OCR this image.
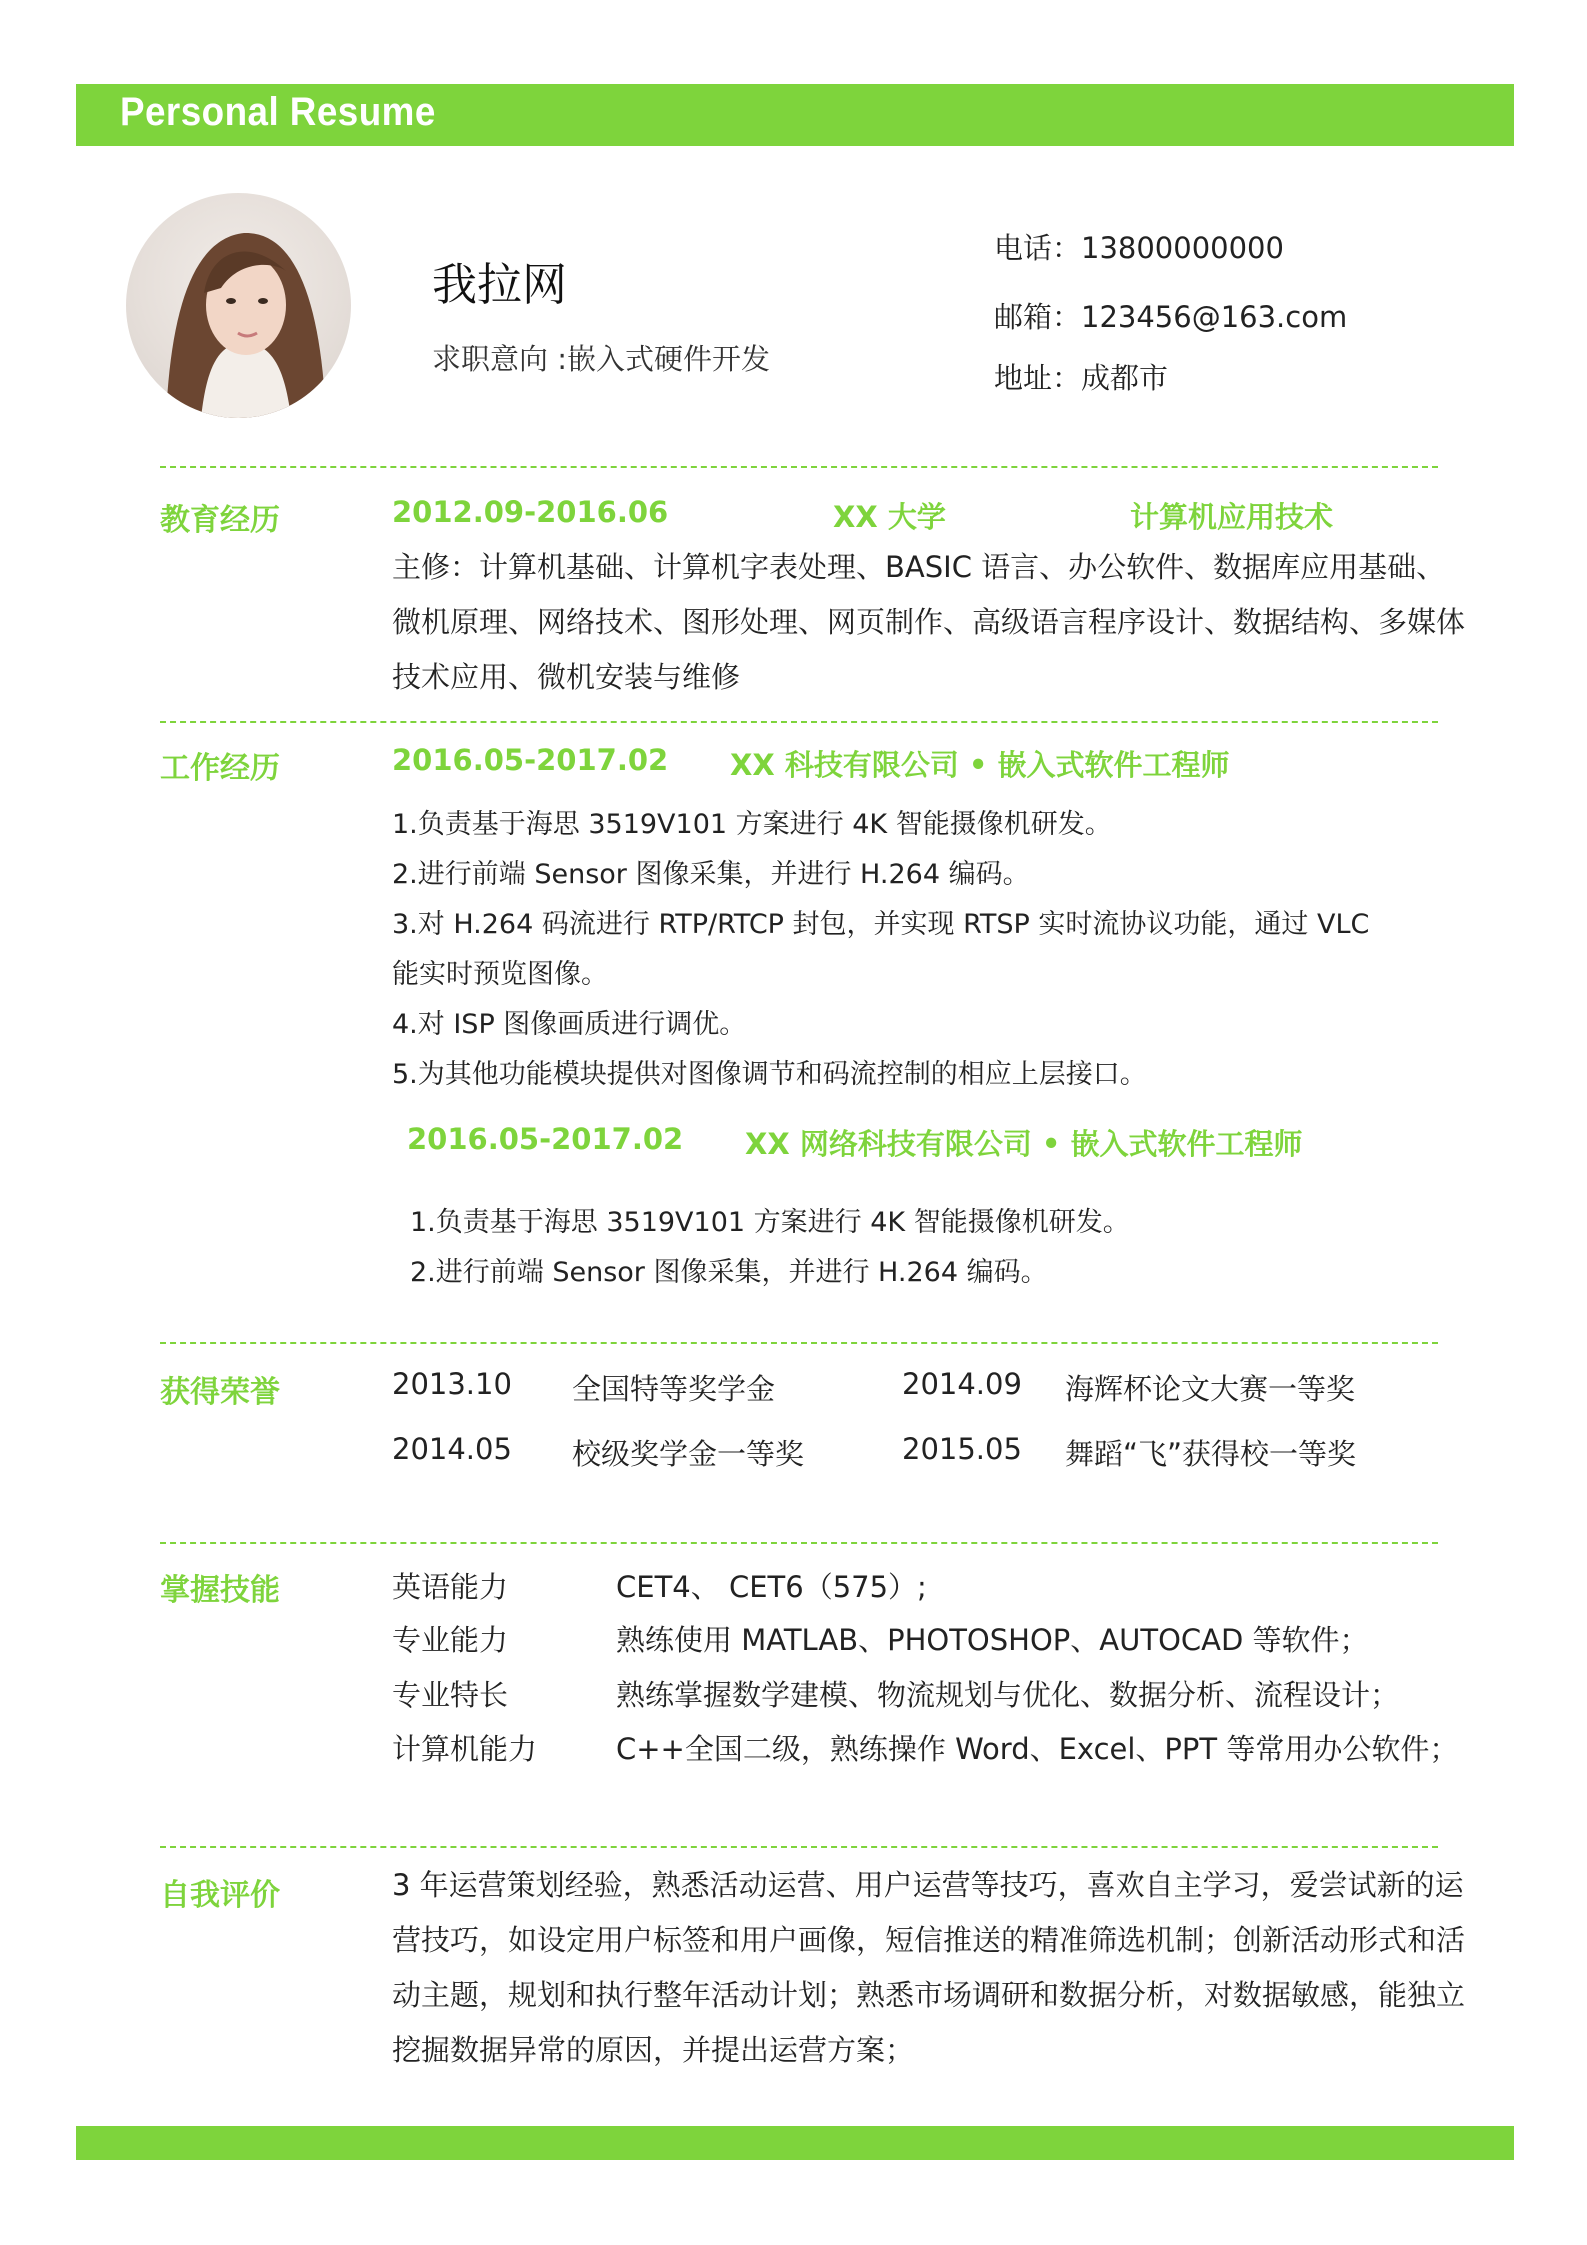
Personal Resume
我拉网
求职意向 :嵌入式硬件开发
电话：13800000000
邮箱：123456@163.com
地址：成都市
教育经历	2012.09-2016.06	XX 大学	计算机应用技术
主修：计算机基础、计算机字表处理、BASIC 语言、办公软件、数据库应用基础、微机原理、网络技术、图形处理、网页制作、高级语言程序设计、数据结构、多媒体技术应用、微机安装与维修
工作经历	2016.05-2017.02 XX 科技有限公司 • 嵌入式软件工程师
1.负责基于海思 3519V101 方案进行 4K 智能摄像机研发。
2.进行前端 Sensor 图像采集，并进行 H.264 编码。
3.对 H.264 码流进行 RTP/RTCP 封包，并实现 RTSP 实时流协议功能，通过 VLC
能实时预览图像。
4.对 ISP 图像画质进行调优。
5.为其他功能模块提供对图像调节和码流控制的相应上层接口。
2016.05-2017.02 XX 网络科技有限公司 • 嵌入式软件工程师
1.负责基于海思 3519V101 方案进行 4K 智能摄像机研发。
2.进行前端 Sensor 图像采集，并进行 H.264 编码。
获得荣誉	2013.10 全国特等奖学金	2014.09 海辉杯论文大赛一等奖
2014.05 校级奖学金一等奖	2015.05 舞蹈“飞”获得校一等奖
掌握技能	英语能力	CET4、 CET6（575）;
专业能力	熟练使用 MATLAB、PHOTOSHOP、AUTOCAD 等软件；
专业特长	熟练掌握数学建模、物流规划与优化、数据分析、流程设计；
计算机能力	C++全国二级，熟练操作 Word、Excel、PPT 等常用办公软件；
自我评价	3 年运营策划经验，熟悉活动运营、用户运营等技巧，喜欢自主学习，爱尝试新的运营技巧，如设定用户标签和用户画像，短信推送的精准筛选机制；创新活动形式和活动主题，规划和执行整年活动计划；熟悉市场调研和数据分析，对数据敏感，能独立挖掘数据异常的原因，并提出运营方案；
